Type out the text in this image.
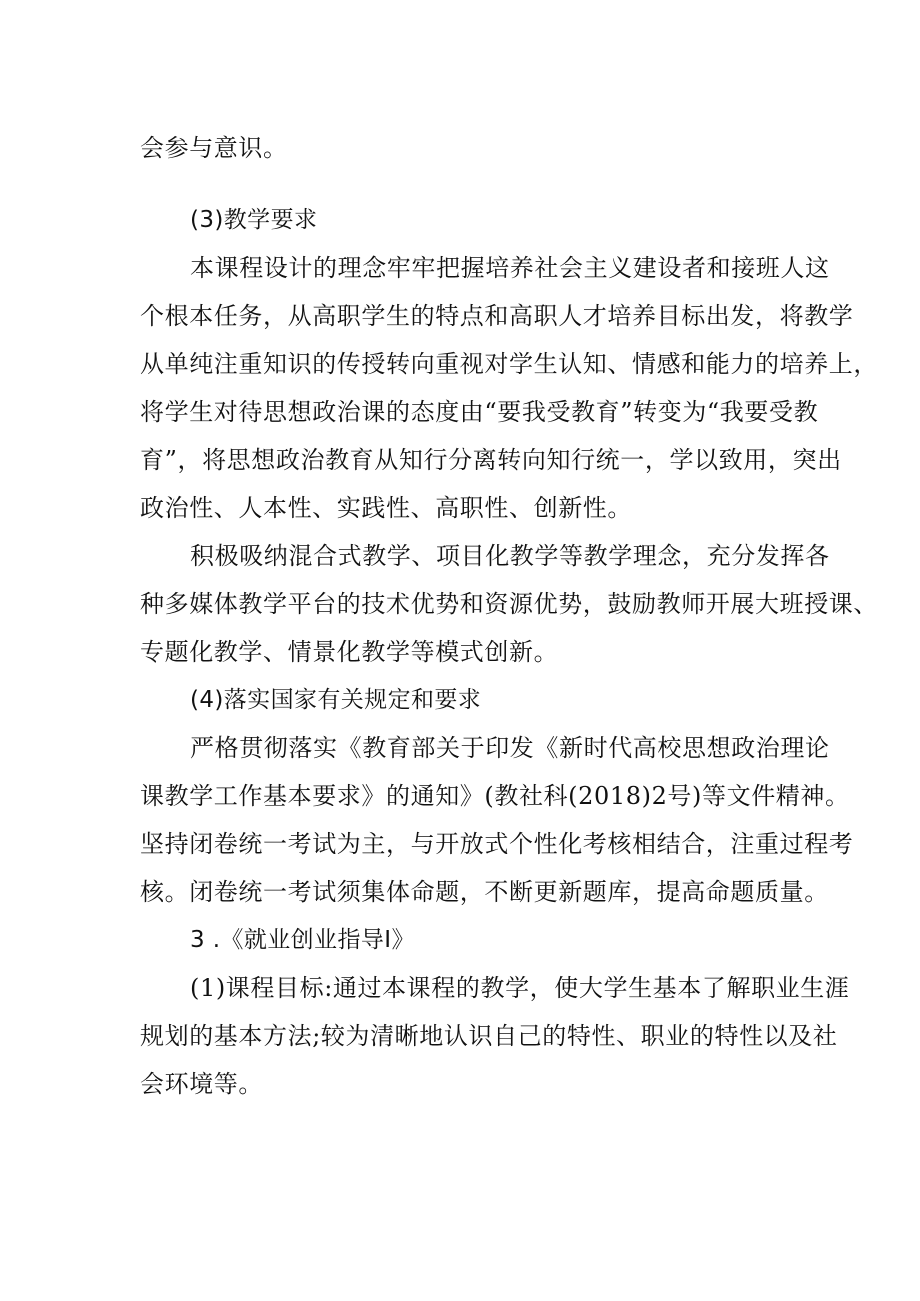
会参与意识。
(3)教学要求
本课程设计的理念牢牢把握培养社会主义建设者和接班人这
个根本任务，从高职学生的特点和高职人才培养目标出发，将教学
从单纯注重知识的传授转向重视对学生认知、情感和能力的培养上，
将学生对待思想政治课的态度由“要我受教育”转变为“我要受教
育”，将思想政治教育从知行分离转向知行统一，学以致用，突出
政治性、人本性、实践性、高职性、创新性。
积极吸纳混合式教学、项目化教学等教学理念，充分发挥各
种多媒体教学平台的技术优势和资源优势，鼓励教师开展大班授课、
专题化教学、情景化教学等模式创新。
(4)落实国家有关规定和要求
严格贯彻落实《教育部关于印发《新时代高校思想政治理论
课教学工作基本要求》的通知》(教社科(2018)2号)等文件精神。
坚持闭卷统一考试为主，与开放式个性化考核相结合，注重过程考
核。闭卷统一考试须集体命题，不断更新题库，提高命题质量。
3 .《就业创业指导I》
(1)课程目标:通过本课程的教学，使大学生基本了解职业生涯
规划的基本方法;较为清晰地认识自己的特性、职业的特性以及社
会环境等。
